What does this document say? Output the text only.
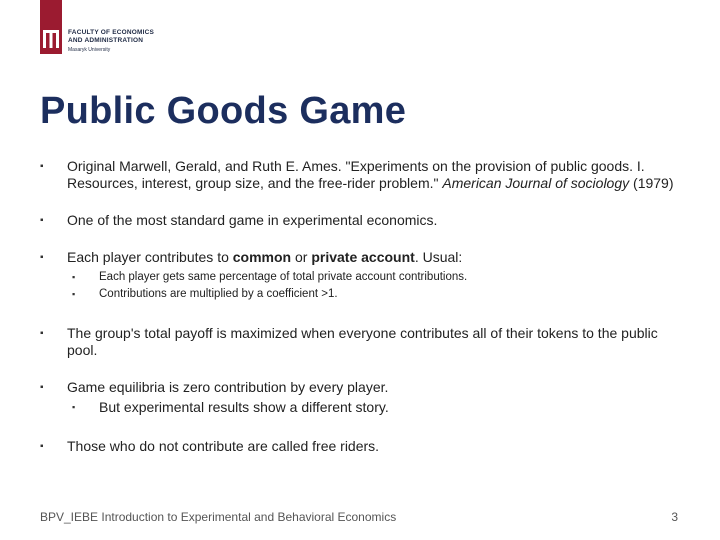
FACULTY OF ECONOMICS
AND ADMINISTRATION
Masaryk University
Public Goods Game
▪	Original Marwell, Gerald, and Ruth E. Ames. "Experiments on the provision of public goods. I. Resources, interest, group size, and the free-rider problem." American Journal of sociology (1979)
▪	One of the most standard game in experimental economics.
▪	Each player contributes to common or private account. Usual:
▪	Each player gets same percentage of total private account contributions.
▪	Contributions are multiplied by a coefficient >1.
▪	The group's total payoff is maximized when everyone contributes all of their tokens to the public pool.
▪	Game equilibria is zero contribution by every player.
▪	But experimental results show a different story.
▪	Those who do not contribute are called free riders.
BPV_IEBE Introduction to Experimental and Behavioral Economics	3
